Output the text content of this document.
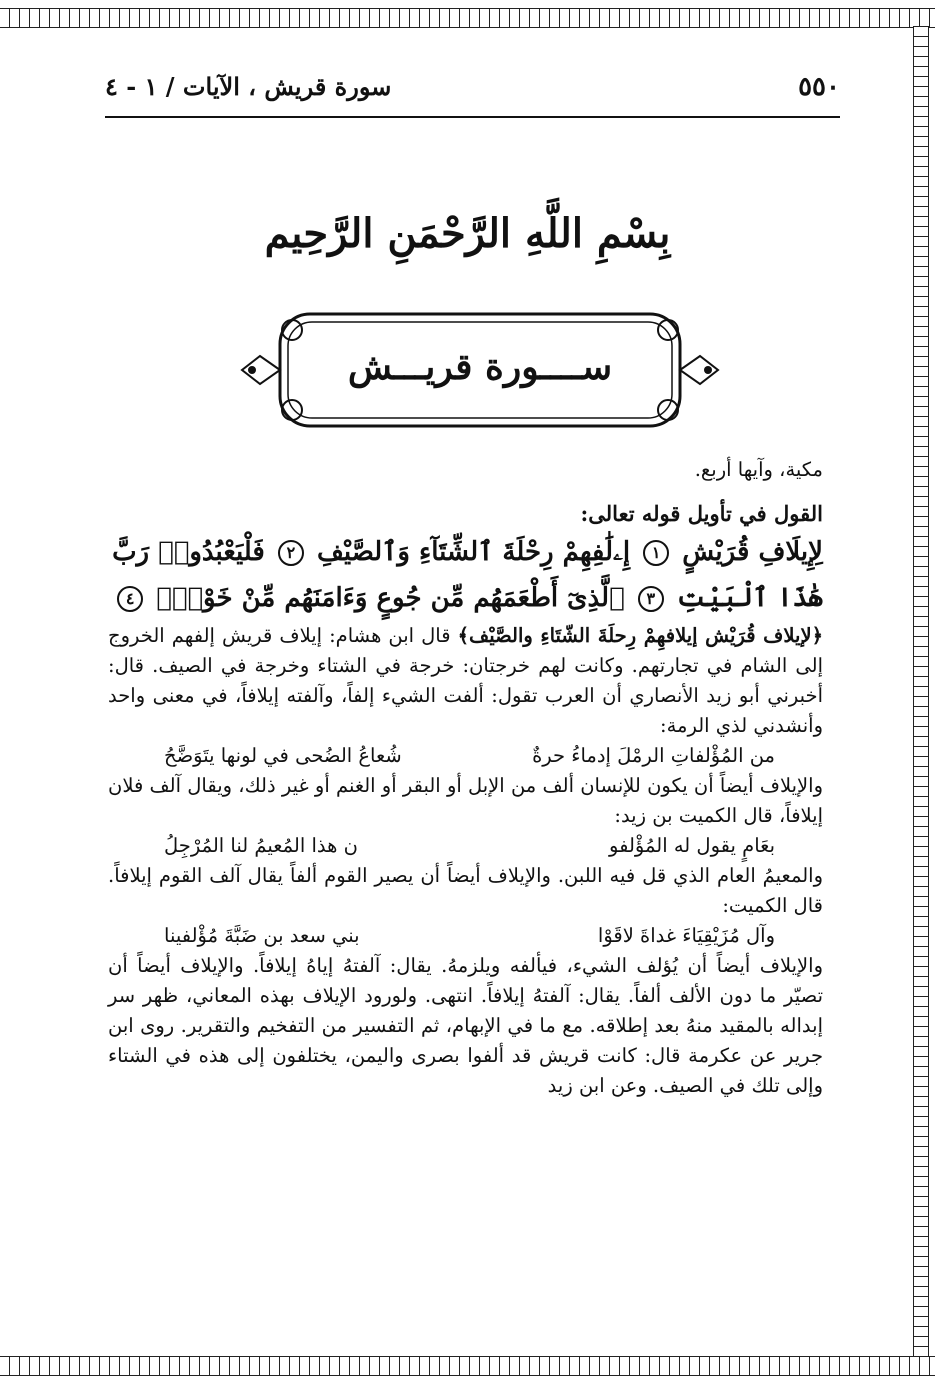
٥٥٠
سورة قريش ، الآيات / ١ - ٤
بِسْمِ اللَّهِ الرَّحْمَنِ الرَّحِيم
ســــورة قريـــش

مكية، وآيها أربع.

القول في تأويل قوله تعالى:

لِإِيلَافِ قُرَيْشٍ ١ إِۦلَٰفِهِمْ رِحْلَةَ ٱلشِّتَآءِ وَٱلصَّيْفِ ٢ فَلْيَعْبُدُوا۟ رَبَّ

هَٰذَا ٱلْبَيْتِ ٣ ٱلَّذِىٓ أَطْعَمَهُم مِّن جُوعٍ وَءَامَنَهُم مِّنْ خَوْفٍۭ ٤

﴿لإيلاف قُرَيْش إيلافهِمْ رِحلَةَ الشّتَاءِ والصَّيْف﴾ قال ابن هشام: إيلاف قريش إلفهم الخروج إلى الشام في تجارتهم. وكانت لهم خرجتان: خرجة في الشتاء وخرجة في الصيف. قال: أخبرني أبو زيد الأنصاري أن العرب تقول: ألفت الشيء إلفاً، وآلفته إيلافاً، في معنى واحد وأنشدني لذي الرمة:

من المُؤْلفاتِ الرمْلَ إدماءُ حرةٌ
شُعاعُ الضُحى في لونها يتَوَضَّحُ

والإيلاف أيضاً أن يكون للإنسان ألف من الإبل أو البقر أو الغنم أو غير ذلك، ويقال آلف فلان إيلافاً، قال الكميت بن زيد:

بعَامٍ يقول له المُؤْلفو
ن هذا المُعيمُ لنا المُرْجِلُ

والمعيمُ العام الذي قل فيه اللبن. والإيلاف أيضاً أن يصير القوم ألفاً يقال آلف القوم إيلافاً. قال الكميت:

وآل مُزَيْقِيَاءَ غداةَ لاقَوْا
بني سعد بن ضَبَّةَ مُؤْلفينا

والإيلاف أيضاً أن يُؤلف الشيء، فيألفه ويلزمهُ. يقال: آلفتهُ إياهُ إيلافاً. والإيلاف أيضاً أن تصيّر ما دون الألف ألفاً. يقال: آلفتهُ إيلافاً. انتهى. ولورود الإيلاف بهذه المعاني، ظهر سر إبداله بالمقيد منهُ بعد إطلاقه. مع ما في الإبهام، ثم التفسير من التفخيم والتقرير. روى ابن جرير عن عكرمة قال: كانت قريش قد ألفوا بصرى واليمن، يختلفون إلى هذه في الشتاء وإلى تلك في الصيف. وعن ابن زيد
